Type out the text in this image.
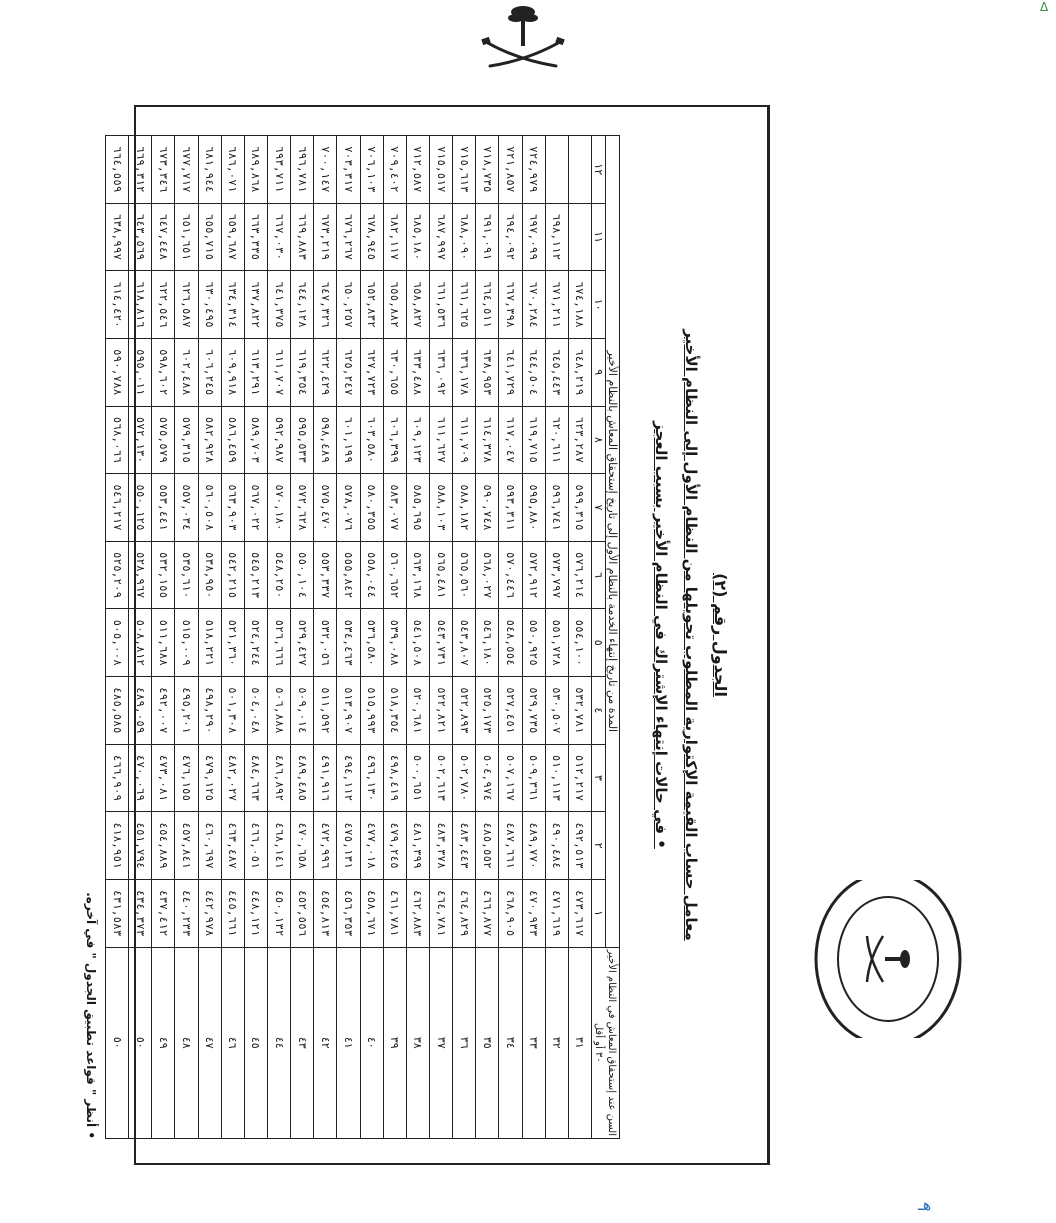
Δ
الجدول رقم (٢)
معامل حساب القيمة الإكتوارية المطلوب تحويلها من النظام الأول إلى النظام الأخير
في حالات إنتهاء الإشتراك في النظام الأخير بسبب العجز •
السن عند إستحقاق المعاش في النظام الأخير
٣٠ أو أقل	المدة من تاريخ إنتهاء الخدمة بالنظام الأول إلى تاريخ إستحقاق المعاش بالنظام الأخير											
	١	٢	٣	٤	٥	٦	٧	٨	٩	١٠	١١	١٢
٣١	٤٧٣,٦١٧	٤٩٢,٥١٣	٥١٢,٢١٧	٥٣٢,٧٨١	٥٥٤,١٠٠	٥٧٦,٢١٤	٥٩٩,٣١٥	٦٢٣,٢٨٧	٦٤٨,٢١٩	٦٧٤,١٨٨		
٣٢	٤٧١,٦١٩	٤٩٠,٤٨٤	٥١٠,١١٣	٥٣٠,٥٠٧	٥٥١,٧٢٨	٥٧٣,٧٩٧	٥٩٦,٧٤١	٦٢٠,٦١١	٦٤٥,٤٤٣	٦٧١,٢١١	٦٩٨,١١٢	
٣٣	٤٧٠,٩٣٣	٤٨٩,٧٧٠	٥٠٩,٣٦١	٥٢٩,٧٣٥	٥٥٠,٩٢٥	٥٧٢,٩١٢	٥٩٥,٨٨٠	٦١٩,٧١٥	٦٤٤,٥٠٤	٦٧٠,٢٨٤	٦٩٧,٠٩٩	٧٢٤,٩٧٩
٣٤	٤٦٨,٩٠٥	٤٨٧,٦٦١	٥٠٧,١٦٧	٥٢٧,٤٥١	٥٤٨,٥٥٤	٥٧٠,٤٤٦	٥٩٣,٣١١	٦١٧,٠٤٧	٦٤١,٧٢٩	٦٦٧,٣٩٨	٦٩٤,٠٩٢	٧٢١,٨٥٧
٣٥	٤٦٦,٨٧٧	٤٨٥,٥٥٢	٥٠٤,٩٧٤	٥٢٥,١٧٣	٥٤٦,١٨٠	٥٦٨,٠٢٧	٥٩٠,٧٤٨	٦١٤,٣٧٨	٦٣٨,٩٥٣	٦٦٤,٥١١	٦٩١,٠٩١	٧١٨,٧٣٥
٣٦	٤٦٤,٨٢٩	٤٨٣,٤٤٣	٥٠٢,٧٨٠	٥٢٢,٨٩٣	٥٤٣,٨٠٧	٥٦٥,٥٦٠	٥٨٨,١٨٢	٦١١,٧٠٩	٦٣٦,١٧٨	٦٦١,٦٢٥	٦٨٨,٠٩٠	٧١٥,٦١٣
٣٧	٤٦٤,٧٨١	٤٨٣,٣٧٨	٥٠٢,٦١٣	٥٢٢,٨٢١	٥٤٣,٧٣١	٥٦٥,٤٨١	٥٨٨,١٠٣	٦١١,٦٢٧	٦٣٦,٠٩٢	٦٦١,٥٣٦	٦٨٧,٩٩٧	٧١٥,٥١٧
٣٨	٤٦٢,٨٨٣	٤٨١,٣٩٩	٥٠٠,٦٥١	٥٢٠,٦٨١	٥٤١,٥٠٨	٥٦٣,١٦٨	٥٨٥,٦٩٥	٦٠٩,١٢٣	٦٣٣,٤٨٨	٦٥٨,٨٢٧	٦٨٥,١٨٠	٧١٢,٥٨٧
٣٩	٤٦١,٧٨١	٤٧٩,٢٤٥	٤٩٨,٤١٩	٥١٨,٣٥٤	٥٣٩,٠٨٨	٥٦٠,٦٥٢	٥٨٣,٠٧٧	٦٠٦,٣٩٩	٦٣٠,٦٥٥	٦٥٥,٨٨٢	٦٨٢,١١٧	٧٠٩,٤٠٢
٤٠	٤٥٨,٦٧١	٤٧٧,٠١٨	٤٩٦,١٣٠	٥١٥,٩٩٣	٥٣٦,٥٨٠	٥٥٨,٠٤٤	٥٨٠,٣٥٥	٦٠٣,٥٨٠	٦٢٧,٧٢٣	٦٥٢,٨٣٢	٦٧٨,٩٤٥	٧٠٦,١٠٣
٤١	٤٥٦,٣٥٣	٤٧٥,١٣١	٤٩٤,١١٢	٥١٣,٩٠٧	٥٣٤,٤٦٣	٥٥٥,٨٤٢	٥٧٨,٠٧٦	٦٠١,١٩٩	٦٢٥,٢٤٧	٦٥٠,٢٥٧	٦٧٦,٢٦٧	٧٠٣,٣١٧
٤٢	٤٥٤,٨١٣	٤٧٢,٩٩٦	٤٩١,٩١٦	٥١١,٥٩٢	٥٣٢,٠٥٦	٥٥٣,٣٣٧	٥٧٥,٤٧٠	٥٩٨,٤٨٩	٦٢٢,٤٢٩	٦٤٧,٣٢٦	٦٧٣,٢١٩	٧٠٠,١٤٧
٤٣	٤٥٢,٥٥٦	٤٧٠,٦٥٨	٤٨٩,٤٨٥	٥٠٩,٠١٤	٥٢٩,٤٢٧	٥٥٠,١٠٤	٥٧٢,٦٢٨	٥٩٥,٥٣٣	٦١٩,٣٥٤	٦٤٤,١٢٨	٦٦٩,٨٨٣	٦٩٦,٧٨١
٤٤	٤٥٠,١٣٢	٤٦٨,١٤١	٤٨٦,٨٩٢	٥٠٦,٨٨٨	٥٢٦,٦٦٦	٥٤٨,٢٥٠	٥٧٠,١٨٠	٥٩٢,٩٨٧	٦١١,٧٠٧	٦٤١,٣٧٥	٦٦٧,٠٣٠	٦٩٣,٧١١
٤٥	٤٤٨,١٢١	٤٦٦,٠٥١	٤٨٤,٦٦٣	٥٠٤,٠٤٨	٥٢٤,٢٤٤	٥٤٥,٢١٣	٥٦٧,٠٢٢	٥٨٩,٧٠٣	٦١٣,٢٩١	٦٣٧,٨٢٢	٦٦٣,٣٣٥	٦٨٩,٨٦٨
٤٦	٤٤٥,٦٦١	٤٦٣,٤٨٧	٤٨٢,٠٢٧	٥٠١,٣٠٨	٥٢١,٣٦٠	٥٤٢,٢١٥	٥٦٣,٩٠٣	٥٨٦,٤٥٩	٦٠٩,٩١٨	٦٣٤,٣١٤	٦٥٩,٦٨٧	٦٨٦,٠٧١
٤٧	٤٤٢,٩٧٨	٤٦٠,٦٩٧	٤٧٩,١٢٥	٤٩٨,٢٩٠	٥١٨,٢٢١	٥٣٨,٩٥٠	٥٦٠,٥٠٨	٥٨٢,٩٢٨	٦٠٦,٢٤٥	٦٣٠,٤٩٥	٦٥٥,٧١٥	٦٨١,٩٤٤
٤٨	٤٤٠,٢٣٣	٤٥٧,٨٤١	٤٧٦,١٥٥	٤٩٥,٢٠١	٥١٥,٠٠٩	٥٣٥,٦١٠	٥٥٧,٠٣٤	٥٧٩,٣١٥	٦٠٢,٤٨٨	٦٢٦,٥٨٧	٦٥١,٦٥١	٦٧٧,٧١٧
٤٩	٤٣٧,٤١٢	٤٥٤,٨٨٩	٤٧٣,٠٨١	٤٩٢,٠٠٧	٥١١,٦٨٨	٥٣٢,١٥٥	٥٥٣,٤٤١	٥٧٥,٥٧٩	٥٩٨,٦٠٢	٦٢٢,٥٤٦	٦٤٧,٤٤٨	٦٧٣,٣٤٦
٥٠	٤٣٤,٣٧٣	٤٥١,٧٩٤	٤٧٠,٠٦٩	٤٨٩,٠٥٩	٥٠٨,٨١٢	٥٢٨,٩٦٧	٥٥٠,١٢٥	٥٧٢,١٣٠	٥٩٥,٠١١	٦١٨,٨١٦	٦٤٣,٥٦٩	٦٦٩,٣١٢
٥٠	٤٣١,٥٨٣	٤١٨,٩٥١	٤٦٦,٩٠٩	٤٨٥,٥٨٥	٥٠٥,٠٠٨	٥٢٥,٢٠٩	٥٤٦,٢١٧	٥٦٨,٠٦٦	٥٩٠,٧٨٨	٦١٤,٤٢٠	٦٣٨,٩٩٧	٦٦٤,٥٥٩
• أنظر " قواعد تطبيق الجدول " في آخره.
هـ
